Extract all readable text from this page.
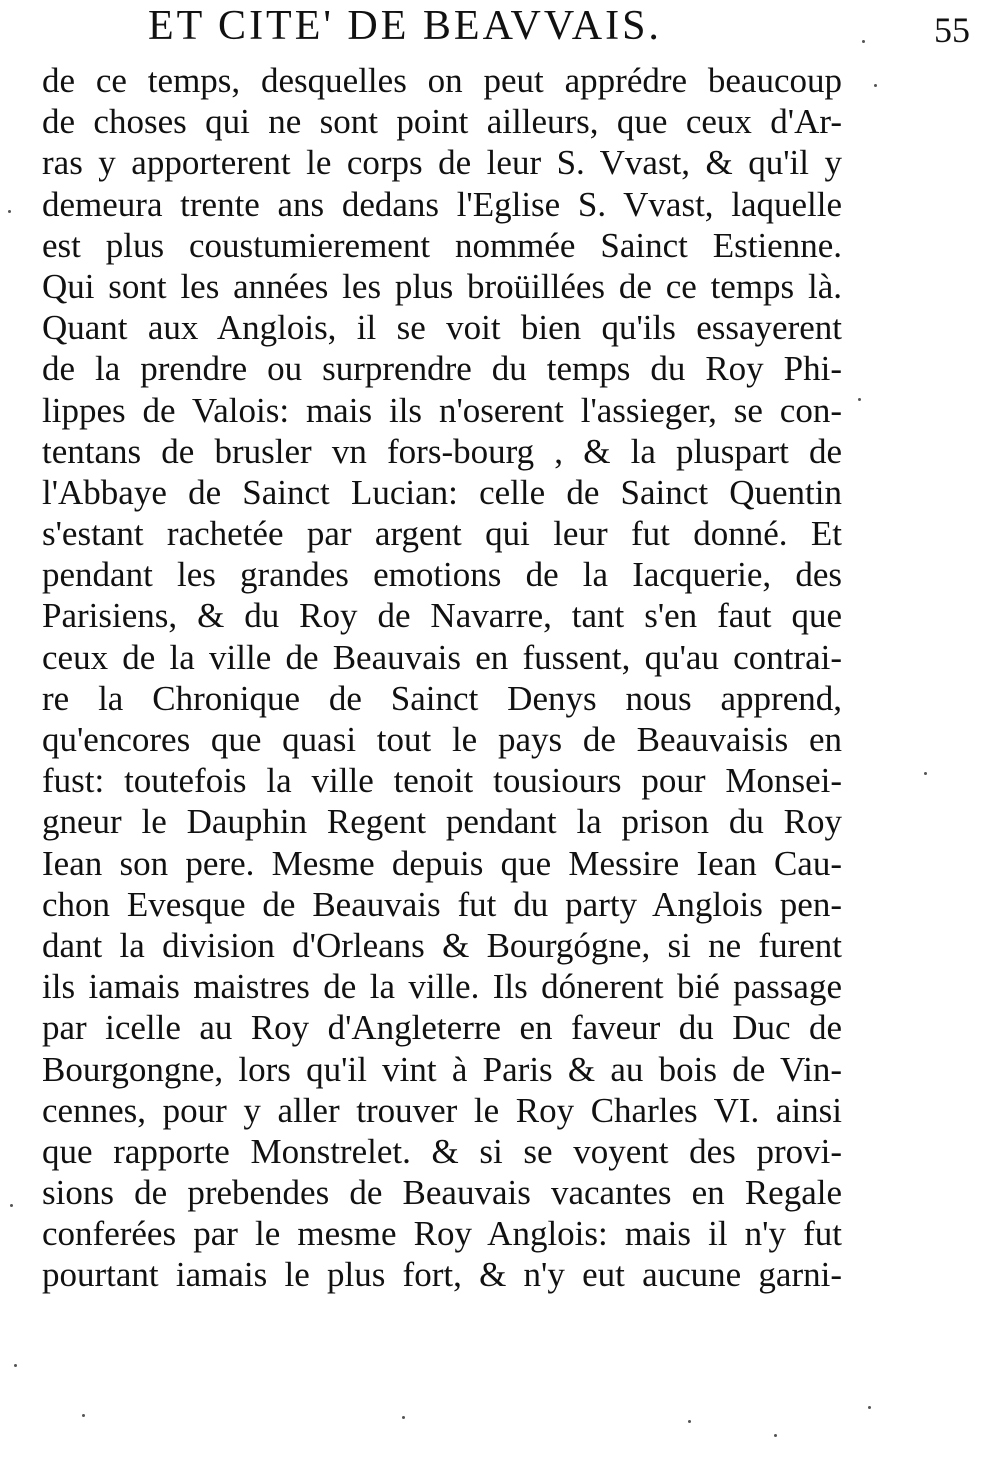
ET CITE' DE BEAVVAIS.	55
de ce temps, desquelles on peut apprédre beaucoup
de choses qui ne sont point ailleurs, que ceux d'Ar-
ras y apporterent le corps de leur S. Vvast, & qu'il y
demeura trente ans dedans l'Eglise S. Vvast, laquelle
est plus coustumierement nommée Sainct Estienne.
Qui sont les années les plus broüillées de ce temps là.
Quant aux Anglois, il se voit bien qu'ils essayerent
de la prendre ou surprendre du temps du Roy Phi-
lippes de Valois: mais ils n'oserent l'assieger, se con-
tentans de brusler vn fors-bourg , & la pluspart de
l'Abbaye de Sainct Lucian: celle de Sainct Quentin
s'estant rachetée par argent qui leur fut donné. Et
pendant les grandes emotions de la Iacquerie, des
Parisiens, & du Roy de Navarre, tant s'en faut que
ceux de la ville de Beauvais en fussent, qu'au contrai-
re la Chronique de Sainct Denys nous apprend,
qu'encores que quasi tout le pays de Beauvaisis en
fust: toutefois la ville tenoit tousiours pour Monsei-
gneur le Dauphin Regent pendant la prison du Roy
Iean son pere. Mesme depuis que Messire Iean Cau-
chon Evesque de Beauvais fut du party Anglois pen-
dant la division d'Orleans & Bourgógne, si ne furent
ils iamais maistres de la ville. Ils dónerent bié passage
par icelle au Roy d'Angleterre en faveur du Duc de
Bourgongne, lors qu'il vint à Paris & au bois de Vin-
cennes, pour y aller trouver le Roy Charles VI. ainsi
que rapporte Monstrelet. & si se voyent des provi-
sions de prebendes de Beauvais vacantes en Regale
conferées par le mesme Roy Anglois: mais il n'y fut
pourtant iamais le plus fort, & n'y eut aucune garni-
